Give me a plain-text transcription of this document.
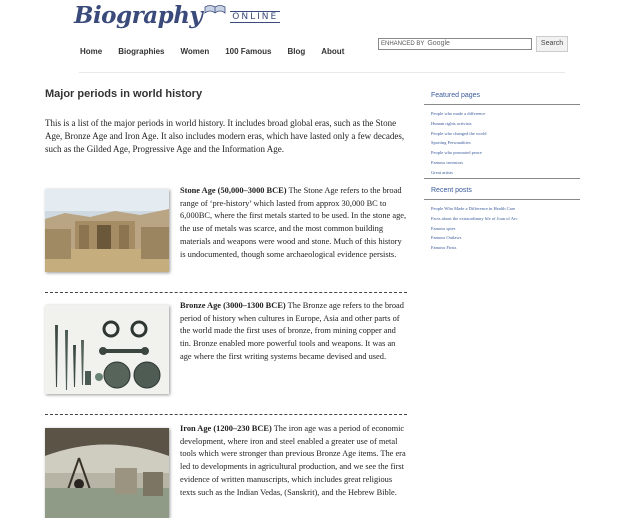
Biography	ONLINE
Home Biographies Women 100 Famous Blog About
ENHANCED BY Google	Search
Major periods in world history
This is a list of the major periods in world history. It includes broad global eras, such as the Stone Age, Bronze Age and Iron Age. It also includes modern eras, which have lasted only a few decades, such as the Gilded Age, Progressive Age and the Information Age.
Stone Age (50,000–3000 BCE) The Stone Age refers to the broad range of ‘pre-history’ which lasted from approx 30,000 BC to 6,000BC, where the first metals started to be used. In the stone age, the use of metals was scarce, and the most common building materials and weapons were wood and stone. Much of this history is undocumented, though some archaeological evidence persists.
Bronze Age (3000–1300 BCE) The Bronze age refers to the broad period of history when cultures in Europe, Asia and other parts of the world made the first uses of bronze, from mining copper and tin. Bronze enabled more powerful tools and weapons. It was an age where the first writing systems became devised and used.
Iron Age (1200–230 BCE) The iron age was a period of economic development, where iron and steel enabled a greater use of metal tools which were stronger than previous Bronze Age items. The era led to developments in agricultural production, and we see the first evidence of written manuscripts, which includes great religious texts such as the Indian Vedas, (Sanskrit), and the Hebrew Bible.
Featured pages
People who made a difference
Human rights activists
People who changed the world
Sporting Personalities
People who promoted peace
Famous inventors
Great artists
Recent posts
People Who Made a Difference in Health Care
Facts about the extraordinary life of Joan of Arc
Famous spies
Famous Outlaws
Famous Firsts
